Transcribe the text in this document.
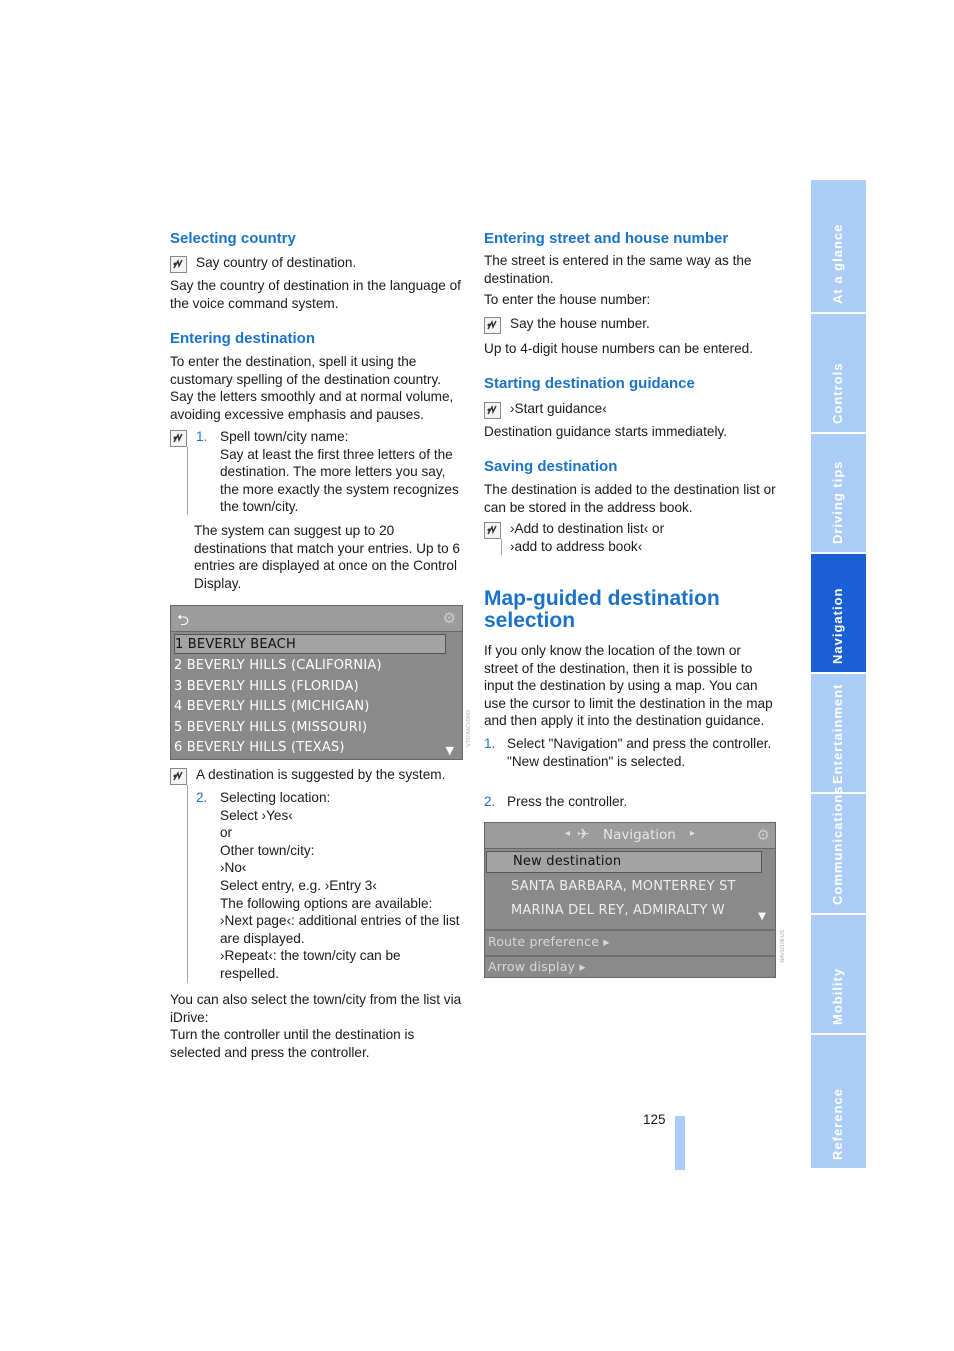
Selecting country

Say country of destination.

Say the country of destination in the language of the voice command system.

Entering destination

To enter the destination, spell it using the customary spelling of the destination country.

Say the letters smoothly and at normal volume, avoiding excessive emphasis and pauses.

1. Spell town/city name:

Say at least the first three letters of the destination. The more letters you say, the more exactly the system recognizes the town/city.

The system can suggest up to 20 destinations that match your entries. Up to 6 entries are displayed at once on the Control Display.

⮌	⚙
1 BEVERLY BEACH
2 BEVERLY HILLS (CALIFORNIA)
3 BEVERLY HILLS (FLORIDA)
4 BEVERLY HILLS (MICHIGAN)
5 BEVERLY HILLS (MISSOURI)
6 BEVERLY HILLS (TEXAS)	▼
VT07AACV0043

A destination is suggested by the system.

2. Selecting location:

Select ›Yes‹

or

Other town/city:

›No‹

Select entry, e.g. ›Entry 3‹

The following options are available:

›Next page‹: additional entries of the list are displayed.

›Repeat‹: the town/city can be respelled.

You can also select the town/city from the list via iDrive:

Turn the controller until the destination is selected and press the controller.

Entering street and house number

The street is entered in the same way as the destination.

To enter the house number:

Say the house number.

Up to 4-digit house numbers can be entered.

Starting destination guidance

›Start guidance‹

Destination guidance starts immediately.

Saving destination

The destination is added to the destination list or can be stored in the address book.

›Add to destination list‹ or

›add to address book‹

Map-guided destination

selection

If you only know the location of the town or street of the destination, then it is possible to input the destination by using a map. You can use the cursor to limit the destination in the map and then apply it into the destination guidance.

1. Select "Navigation" and press the controller.

"New destination" is selected.

2. Press the controller.

◂ ✈ Navigation ▸	⚙
New destination
SANTA BARBARA, MONTERREY ST
MARINA DEL REY, ADMIRALTY W	▼
Route preference ▸
Arrow display ▸
NAV02108-US
125
At a glance
Controls
Driving tips
Navigation
Entertainment
Communications
Mobility
Reference
